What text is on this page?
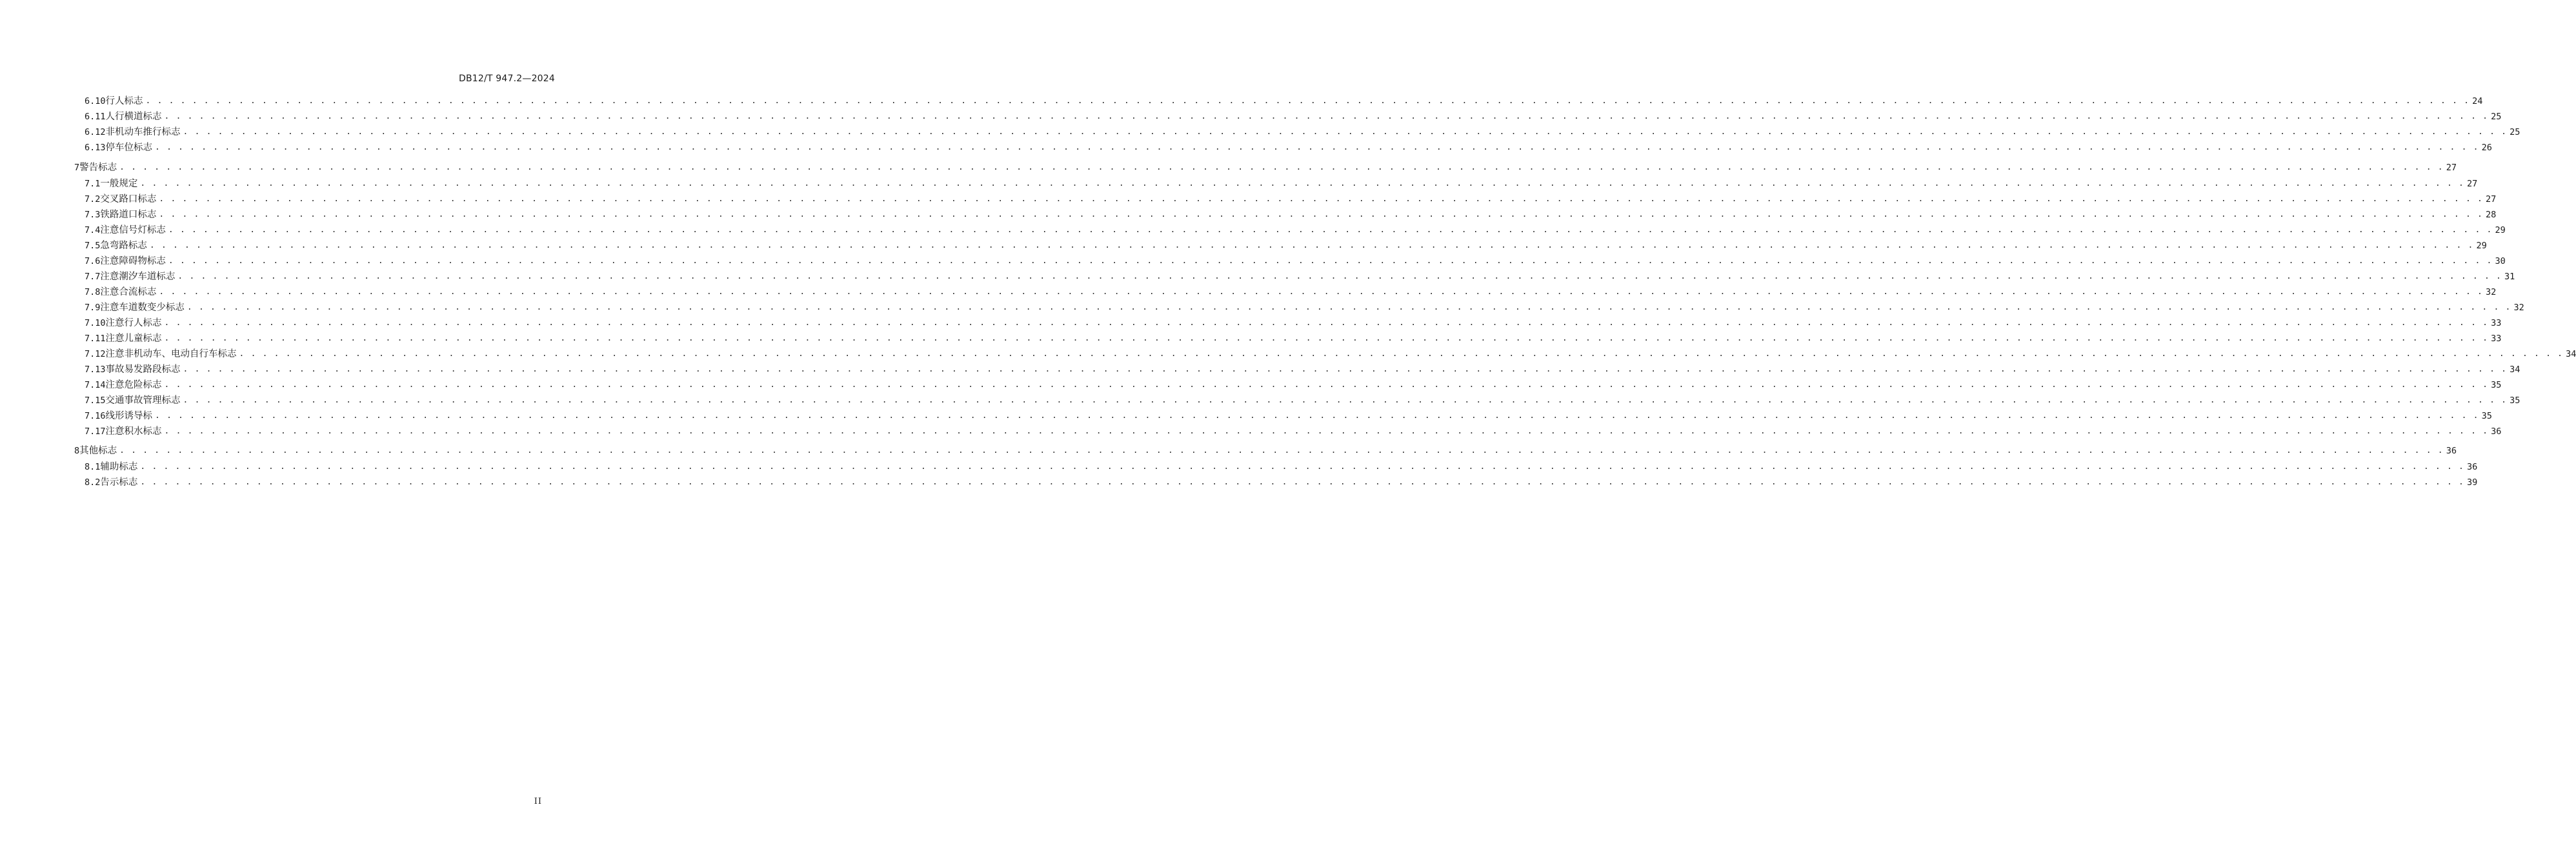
DB12/T 947.2—2024
6.10 行人标志 . . . . . . . . . . . . . . . . . . . . . . . . . . . . . . . . . . . . . . . . . . . . . . . . . . . . . . . . . . . . . . . . . . . . . . . . . . . . . . . . . . . . . . . . . . . . . . . . . . . . . . . . . . . . . . . . . . . . . . . . . . . . . . . . . . . . . . . . . . . . . . . . . . . . . . . . . . . . . . . . . . . . . . . . . . . . . . . . . . . . . . . . . . . . . . . . . . . . . . . . 24
6.11 人行横道标志 . . . . . . . . . . . . . . . . . . . . . . . . . . . . . . . . . . . . . . . . . . . . . . . . . . . . . . . . . . . . . . . . . . . . . . . . . . . . . . . . . . . . . . . . . . . . . . . . . . . . . . . . . . . . . . . . . . . . . . . . . . . . . . . . . . . . . . . . . . . . . . . . . . . . . . . . . . . . . . . . . . . . . . . . . . . . . . . . . . . . . . . . . . . . . . . . . . . . . . . . 25
6.12 非机动车推行标志 . . . . . . . . . . . . . . . . . . . . . . . . . . . . . . . . . . . . . . . . . . . . . . . . . . . . . . . . . . . . . . . . . . . . . . . . . . . . . . . . . . . . . . . . . . . . . . . . . . . . . . . . . . . . . . . . . . . . . . . . . . . . . . . . . . . . . . . . . . . . . . . . . . . . . . . . . . . . . . . . . . . . . . . . . . . . . . . . . . . . . . . . . . . . . . . . . . . . . . . . 25
6.13 停车位标志 . . . . . . . . . . . . . . . . . . . . . . . . . . . . . . . . . . . . . . . . . . . . . . . . . . . . . . . . . . . . . . . . . . . . . . . . . . . . . . . . . . . . . . . . . . . . . . . . . . . . . . . . . . . . . . . . . . . . . . . . . . . . . . . . . . . . . . . . . . . . . . . . . . . . . . . . . . . . . . . . . . . . . . . . . . . . . . . . . . . . . . . . . . . . . . . . . . . . . . . . 26
7 警告标志 . . . . . . . . . . . . . . . . . . . . . . . . . . . . . . . . . . . . . . . . . . . . . . . . . . . . . . . . . . . . . . . . . . . . . . . . . . . . . . . . . . . . . . . . . . . . . . . . . . . . . . . . . . . . . . . . . . . . . . . . . . . . . . . . . . . . . . . . . . . . . . . . . . . . . . . . . . . . . . . . . . . . . . . . . . . . . . . . . . . . . . . . . . . . . . . . . . . . . . . . 27
7.1 一般规定 . . . . . . . . . . . . . . . . . . . . . . . . . . . . . . . . . . . . . . . . . . . . . . . . . . . . . . . . . . . . . . . . . . . . . . . . . . . . . . . . . . . . . . . . . . . . . . . . . . . . . . . . . . . . . . . . . . . . . . . . . . . . . . . . . . . . . . . . . . . . . . . . . . . . . . . . . . . . . . . . . . . . . . . . . . . . . . . . . . . . . . . . . . . . . . . . . . . . . . . . 27
7.2 交叉路口标志 . . . . . . . . . . . . . . . . . . . . . . . . . . . . . . . . . . . . . . . . . . . . . . . . . . . . . . . . . . . . . . . . . . . . . . . . . . . . . . . . . . . . . . . . . . . . . . . . . . . . . . . . . . . . . . . . . . . . . . . . . . . . . . . . . . . . . . . . . . . . . . . . . . . . . . . . . . . . . . . . . . . . . . . . . . . . . . . . . . . . . . . . . . . . . . . . . . . . . . . . 27
7.3 铁路道口标志 . . . . . . . . . . . . . . . . . . . . . . . . . . . . . . . . . . . . . . . . . . . . . . . . . . . . . . . . . . . . . . . . . . . . . . . . . . . . . . . . . . . . . . . . . . . . . . . . . . . . . . . . . . . . . . . . . . . . . . . . . . . . . . . . . . . . . . . . . . . . . . . . . . . . . . . . . . . . . . . . . . . . . . . . . . . . . . . . . . . . . . . . . . . . . . . . . . . . . . . . 28
7.4 注意信号灯标志 . . . . . . . . . . . . . . . . . . . . . . . . . . . . . . . . . . . . . . . . . . . . . . . . . . . . . . . . . . . . . . . . . . . . . . . . . . . . . . . . . . . . . . . . . . . . . . . . . . . . . . . . . . . . . . . . . . . . . . . . . . . . . . . . . . . . . . . . . . . . . . . . . . . . . . . . . . . . . . . . . . . . . . . . . . . . . . . . . . . . . . . . . . . . . . . . . . . . . . . . 29
7.5 急弯路标志 . . . . . . . . . . . . . . . . . . . . . . . . . . . . . . . . . . . . . . . . . . . . . . . . . . . . . . . . . . . . . . . . . . . . . . . . . . . . . . . . . . . . . . . . . . . . . . . . . . . . . . . . . . . . . . . . . . . . . . . . . . . . . . . . . . . . . . . . . . . . . . . . . . . . . . . . . . . . . . . . . . . . . . . . . . . . . . . . . . . . . . . . . . . . . . . . . . . . . . . . 29
7.6 注意障碍物标志 . . . . . . . . . . . . . . . . . . . . . . . . . . . . . . . . . . . . . . . . . . . . . . . . . . . . . . . . . . . . . . . . . . . . . . . . . . . . . . . . . . . . . . . . . . . . . . . . . . . . . . . . . . . . . . . . . . . . . . . . . . . . . . . . . . . . . . . . . . . . . . . . . . . . . . . . . . . . . . . . . . . . . . . . . . . . . . . . . . . . . . . . . . . . . . . . . . . . . . . . 30
7.7 注意潮汐车道标志 . . . . . . . . . . . . . . . . . . . . . . . . . . . . . . . . . . . . . . . . . . . . . . . . . . . . . . . . . . . . . . . . . . . . . . . . . . . . . . . . . . . . . . . . . . . . . . . . . . . . . . . . . . . . . . . . . . . . . . . . . . . . . . . . . . . . . . . . . . . . . . . . . . . . . . . . . . . . . . . . . . . . . . . . . . . . . . . . . . . . . . . . . . . . . . . . . . . . . . . . 31
7.8 注意合流标志 . . . . . . . . . . . . . . . . . . . . . . . . . . . . . . . . . . . . . . . . . . . . . . . . . . . . . . . . . . . . . . . . . . . . . . . . . . . . . . . . . . . . . . . . . . . . . . . . . . . . . . . . . . . . . . . . . . . . . . . . . . . . . . . . . . . . . . . . . . . . . . . . . . . . . . . . . . . . . . . . . . . . . . . . . . . . . . . . . . . . . . . . . . . . . . . . . . . . . . . . 32
7.9 注意车道数变少标志 . . . . . . . . . . . . . . . . . . . . . . . . . . . . . . . . . . . . . . . . . . . . . . . . . . . . . . . . . . . . . . . . . . . . . . . . . . . . . . . . . . . . . . . . . . . . . . . . . . . . . . . . . . . . . . . . . . . . . . . . . . . . . . . . . . . . . . . . . . . . . . . . . . . . . . . . . . . . . . . . . . . . . . . . . . . . . . . . . . . . . . . . . . . . . . . . . . . . . . . . 32
7.10 注意行人标志 . . . . . . . . . . . . . . . . . . . . . . . . . . . . . . . . . . . . . . . . . . . . . . . . . . . . . . . . . . . . . . . . . . . . . . . . . . . . . . . . . . . . . . . . . . . . . . . . . . . . . . . . . . . . . . . . . . . . . . . . . . . . . . . . . . . . . . . . . . . . . . . . . . . . . . . . . . . . . . . . . . . . . . . . . . . . . . . . . . . . . . . . . . . . . . . . . . . . . . . . 33
7.11 注意儿童标志 . . . . . . . . . . . . . . . . . . . . . . . . . . . . . . . . . . . . . . . . . . . . . . . . . . . . . . . . . . . . . . . . . . . . . . . . . . . . . . . . . . . . . . . . . . . . . . . . . . . . . . . . . . . . . . . . . . . . . . . . . . . . . . . . . . . . . . . . . . . . . . . . . . . . . . . . . . . . . . . . . . . . . . . . . . . . . . . . . . . . . . . . . . . . . . . . . . . . . . . . 33
7.12 注意非机动车、电动自行车标志 . . . . . . . . . . . . . . . . . . . . . . . . . . . . . . . . . . . . . . . . . . . . . . . . . . . . . . . . . . . . . . . . . . . . . . . . . . . . . . . . . . . . . . . . . . . . . . . . . . . . . . . . . . . . . . . . . . . . . . . . . . . . . . . . . . . . . . . . . . . . . . . . . . . . . . . . . . . . . . . . . . . . . . . . . . . . . . . . . . . . . . . . . . . . . . . . . . . . . . . . 34
7.13 事故易发路段标志 . . . . . . . . . . . . . . . . . . . . . . . . . . . . . . . . . . . . . . . . . . . . . . . . . . . . . . . . . . . . . . . . . . . . . . . . . . . . . . . . . . . . . . . . . . . . . . . . . . . . . . . . . . . . . . . . . . . . . . . . . . . . . . . . . . . . . . . . . . . . . . . . . . . . . . . . . . . . . . . . . . . . . . . . . . . . . . . . . . . . . . . . . . . . . . . . . . . . . . . . 34
7.14 注意危险标志 . . . . . . . . . . . . . . . . . . . . . . . . . . . . . . . . . . . . . . . . . . . . . . . . . . . . . . . . . . . . . . . . . . . . . . . . . . . . . . . . . . . . . . . . . . . . . . . . . . . . . . . . . . . . . . . . . . . . . . . . . . . . . . . . . . . . . . . . . . . . . . . . . . . . . . . . . . . . . . . . . . . . . . . . . . . . . . . . . . . . . . . . . . . . . . . . . . . . . . . . 35
7.15 交通事故管理标志 . . . . . . . . . . . . . . . . . . . . . . . . . . . . . . . . . . . . . . . . . . . . . . . . . . . . . . . . . . . . . . . . . . . . . . . . . . . . . . . . . . . . . . . . . . . . . . . . . . . . . . . . . . . . . . . . . . . . . . . . . . . . . . . . . . . . . . . . . . . . . . . . . . . . . . . . . . . . . . . . . . . . . . . . . . . . . . . . . . . . . . . . . . . . . . . . . . . . . . . . 35
7.16 线形诱导标 . . . . . . . . . . . . . . . . . . . . . . . . . . . . . . . . . . . . . . . . . . . . . . . . . . . . . . . . . . . . . . . . . . . . . . . . . . . . . . . . . . . . . . . . . . . . . . . . . . . . . . . . . . . . . . . . . . . . . . . . . . . . . . . . . . . . . . . . . . . . . . . . . . . . . . . . . . . . . . . . . . . . . . . . . . . . . . . . . . . . . . . . . . . . . . . . . . . . . . . . 35
7.17 注意积水标志 . . . . . . . . . . . . . . . . . . . . . . . . . . . . . . . . . . . . . . . . . . . . . . . . . . . . . . . . . . . . . . . . . . . . . . . . . . . . . . . . . . . . . . . . . . . . . . . . . . . . . . . . . . . . . . . . . . . . . . . . . . . . . . . . . . . . . . . . . . . . . . . . . . . . . . . . . . . . . . . . . . . . . . . . . . . . . . . . . . . . . . . . . . . . . . . . . . . . . . . . 36
8 其他标志 . . . . . . . . . . . . . . . . . . . . . . . . . . . . . . . . . . . . . . . . . . . . . . . . . . . . . . . . . . . . . . . . . . . . . . . . . . . . . . . . . . . . . . . . . . . . . . . . . . . . . . . . . . . . . . . . . . . . . . . . . . . . . . . . . . . . . . . . . . . . . . . . . . . . . . . . . . . . . . . . . . . . . . . . . . . . . . . . . . . . . . . . . . . . . . . . . . . . . . . . 36
8.1 辅助标志 . . . . . . . . . . . . . . . . . . . . . . . . . . . . . . . . . . . . . . . . . . . . . . . . . . . . . . . . . . . . . . . . . . . . . . . . . . . . . . . . . . . . . . . . . . . . . . . . . . . . . . . . . . . . . . . . . . . . . . . . . . . . . . . . . . . . . . . . . . . . . . . . . . . . . . . . . . . . . . . . . . . . . . . . . . . . . . . . . . . . . . . . . . . . . . . . . . . . . . . . 36
8.2 告示标志 . . . . . . . . . . . . . . . . . . . . . . . . . . . . . . . . . . . . . . . . . . . . . . . . . . . . . . . . . . . . . . . . . . . . . . . . . . . . . . . . . . . . . . . . . . . . . . . . . . . . . . . . . . . . . . . . . . . . . . . . . . . . . . . . . . . . . . . . . . . . . . . . . . . . . . . . . . . . . . . . . . . . . . . . . . . . . . . . . . . . . . . . . . . . . . . . . . . . . . . . 39
II
